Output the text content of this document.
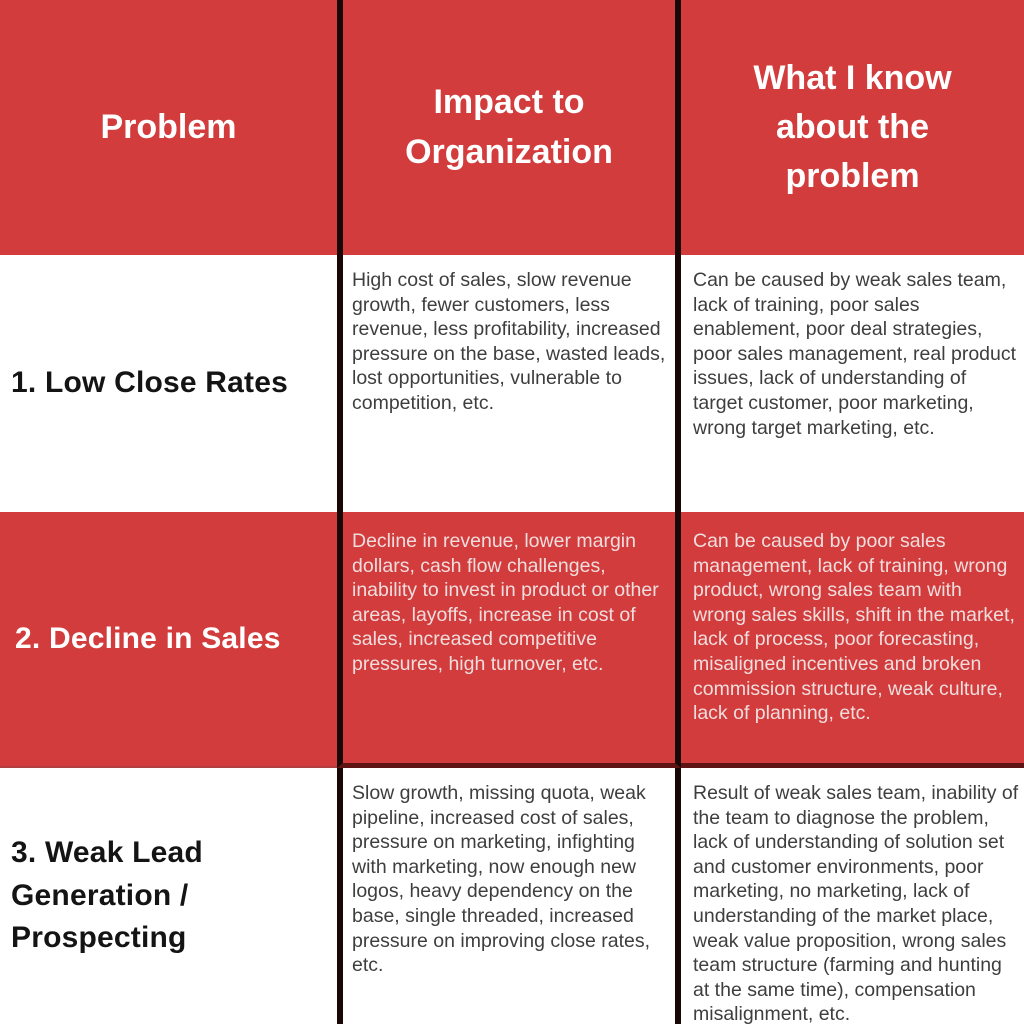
Problem
Impact to Organization
What I know about the problem
1. Low Close Rates
High cost of sales, slow revenue growth, fewer customers, less revenue, less profitability, increased pressure on the base, wasted leads, lost opportunities, vulnerable to competition, etc.
Can be caused by weak sales team, lack of training, poor sales enablement, poor deal strategies, poor sales management, real product issues, lack of understanding of target customer, poor marketing, wrong target marketing, etc.
2. Decline in Sales
Decline in revenue, lower margin dollars, cash flow challenges, inability to invest in product or other areas, layoffs, increase in cost of sales, increased competitive pressures, high turnover, etc.
Can be caused by poor sales management, lack of training, wrong product, wrong sales team with wrong sales skills, shift in the market, lack of process, poor forecasting, misaligned incentives and broken commission structure, weak culture, lack of planning, etc.
3. Weak Lead Generation / Prospecting
Slow growth, missing quota, weak pipeline, increased cost of sales, pressure on marketing, infighting with marketing, now enough new logos, heavy dependency on the base, single threaded, increased pressure on improving close rates, etc.
Result of weak sales team, inability of the team to diagnose the problem, lack of understanding of solution set and customer environments, poor marketing, no marketing, lack of understanding of the market place, weak value proposition, wrong sales team structure (farming and hunting at the same time), compensation misalignment, etc.
